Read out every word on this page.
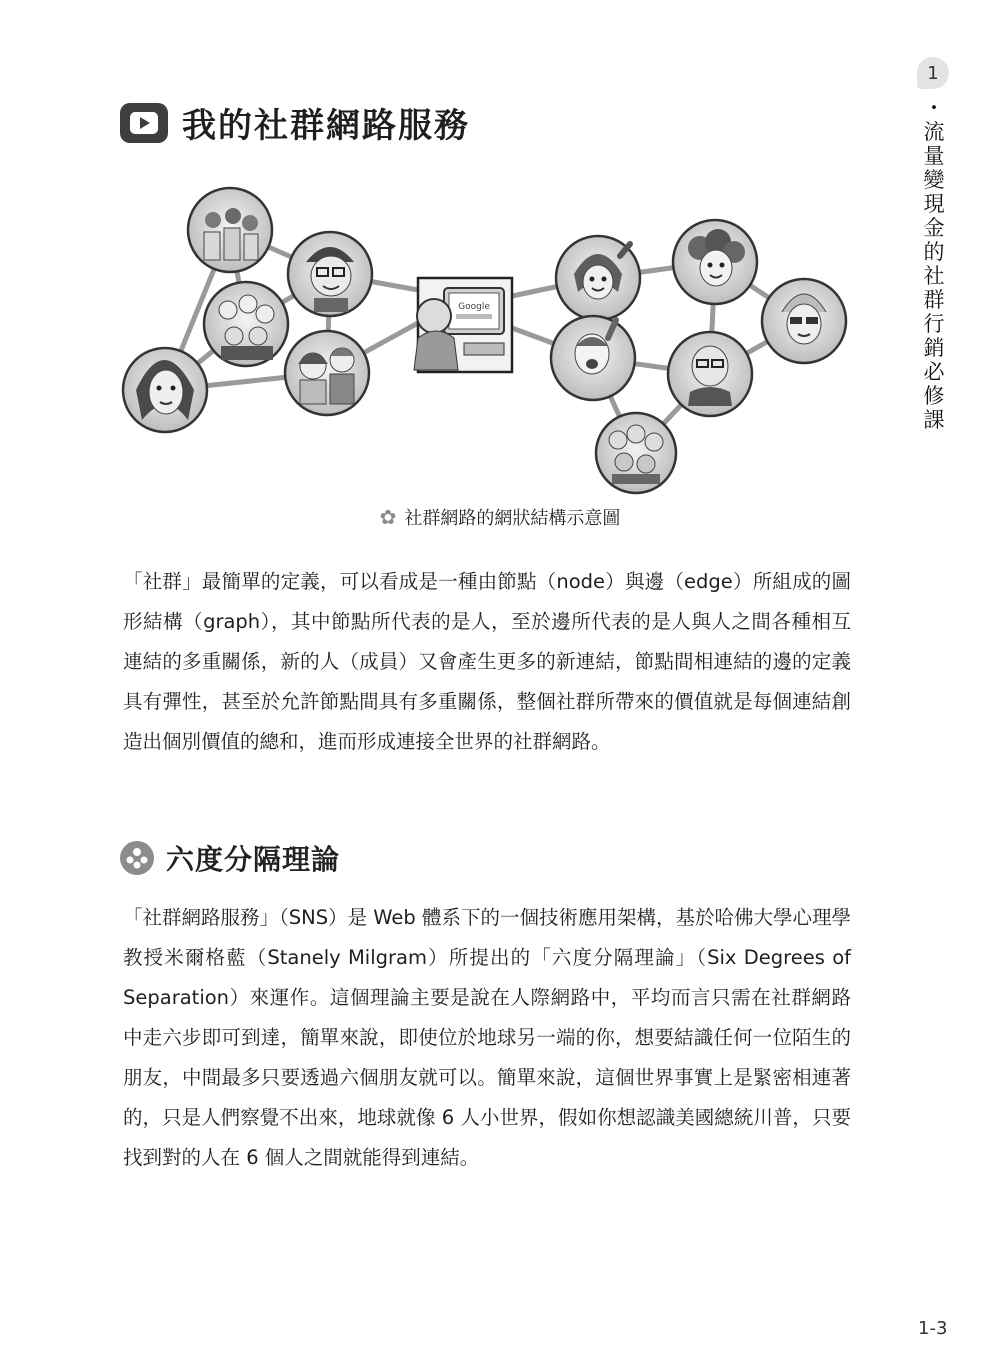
1
・流量變現金的社群行銷必修課
我的社群網路服務
Google
✿ 社群網路的網狀結構示意圖

「社群」最簡單的定義，可以看成是一種由節點（node）與邊（edge）所組成的圖形結構（graph），其中節點所代表的是人，至於邊所代表的是人與人之間各種相互連結的多重關係，新的人（成員）又會產生更多的新連結，節點間相連結的邊的定義具有彈性，甚至於允許節點間具有多重關係，整個社群所帶來的價值就是每個連結創造出個別價值的總和，進而形成連接全世界的社群網路。

六度分隔理論

「社群網路服務」（SNS）是 Web 體系下的一個技術應用架構，基於哈佛大學心理學教授米爾格藍（Stanely Milgram）所提出的「六度分隔理論」（Six Degrees of Separation）來運作。這個理論主要是說在人際網路中，平均而言只需在社群網路中走六步即可到達，簡單來說，即使位於地球另一端的你，想要結識任何一位陌生的朋友，中間最多只要透過六個朋友就可以。簡單來說，這個世界事實上是緊密相連著的，只是人們察覺不出來，地球就像 6 人小世界，假如你想認識美國總統川普，只要找到對的人在 6 個人之間就能得到連結。

1-3
